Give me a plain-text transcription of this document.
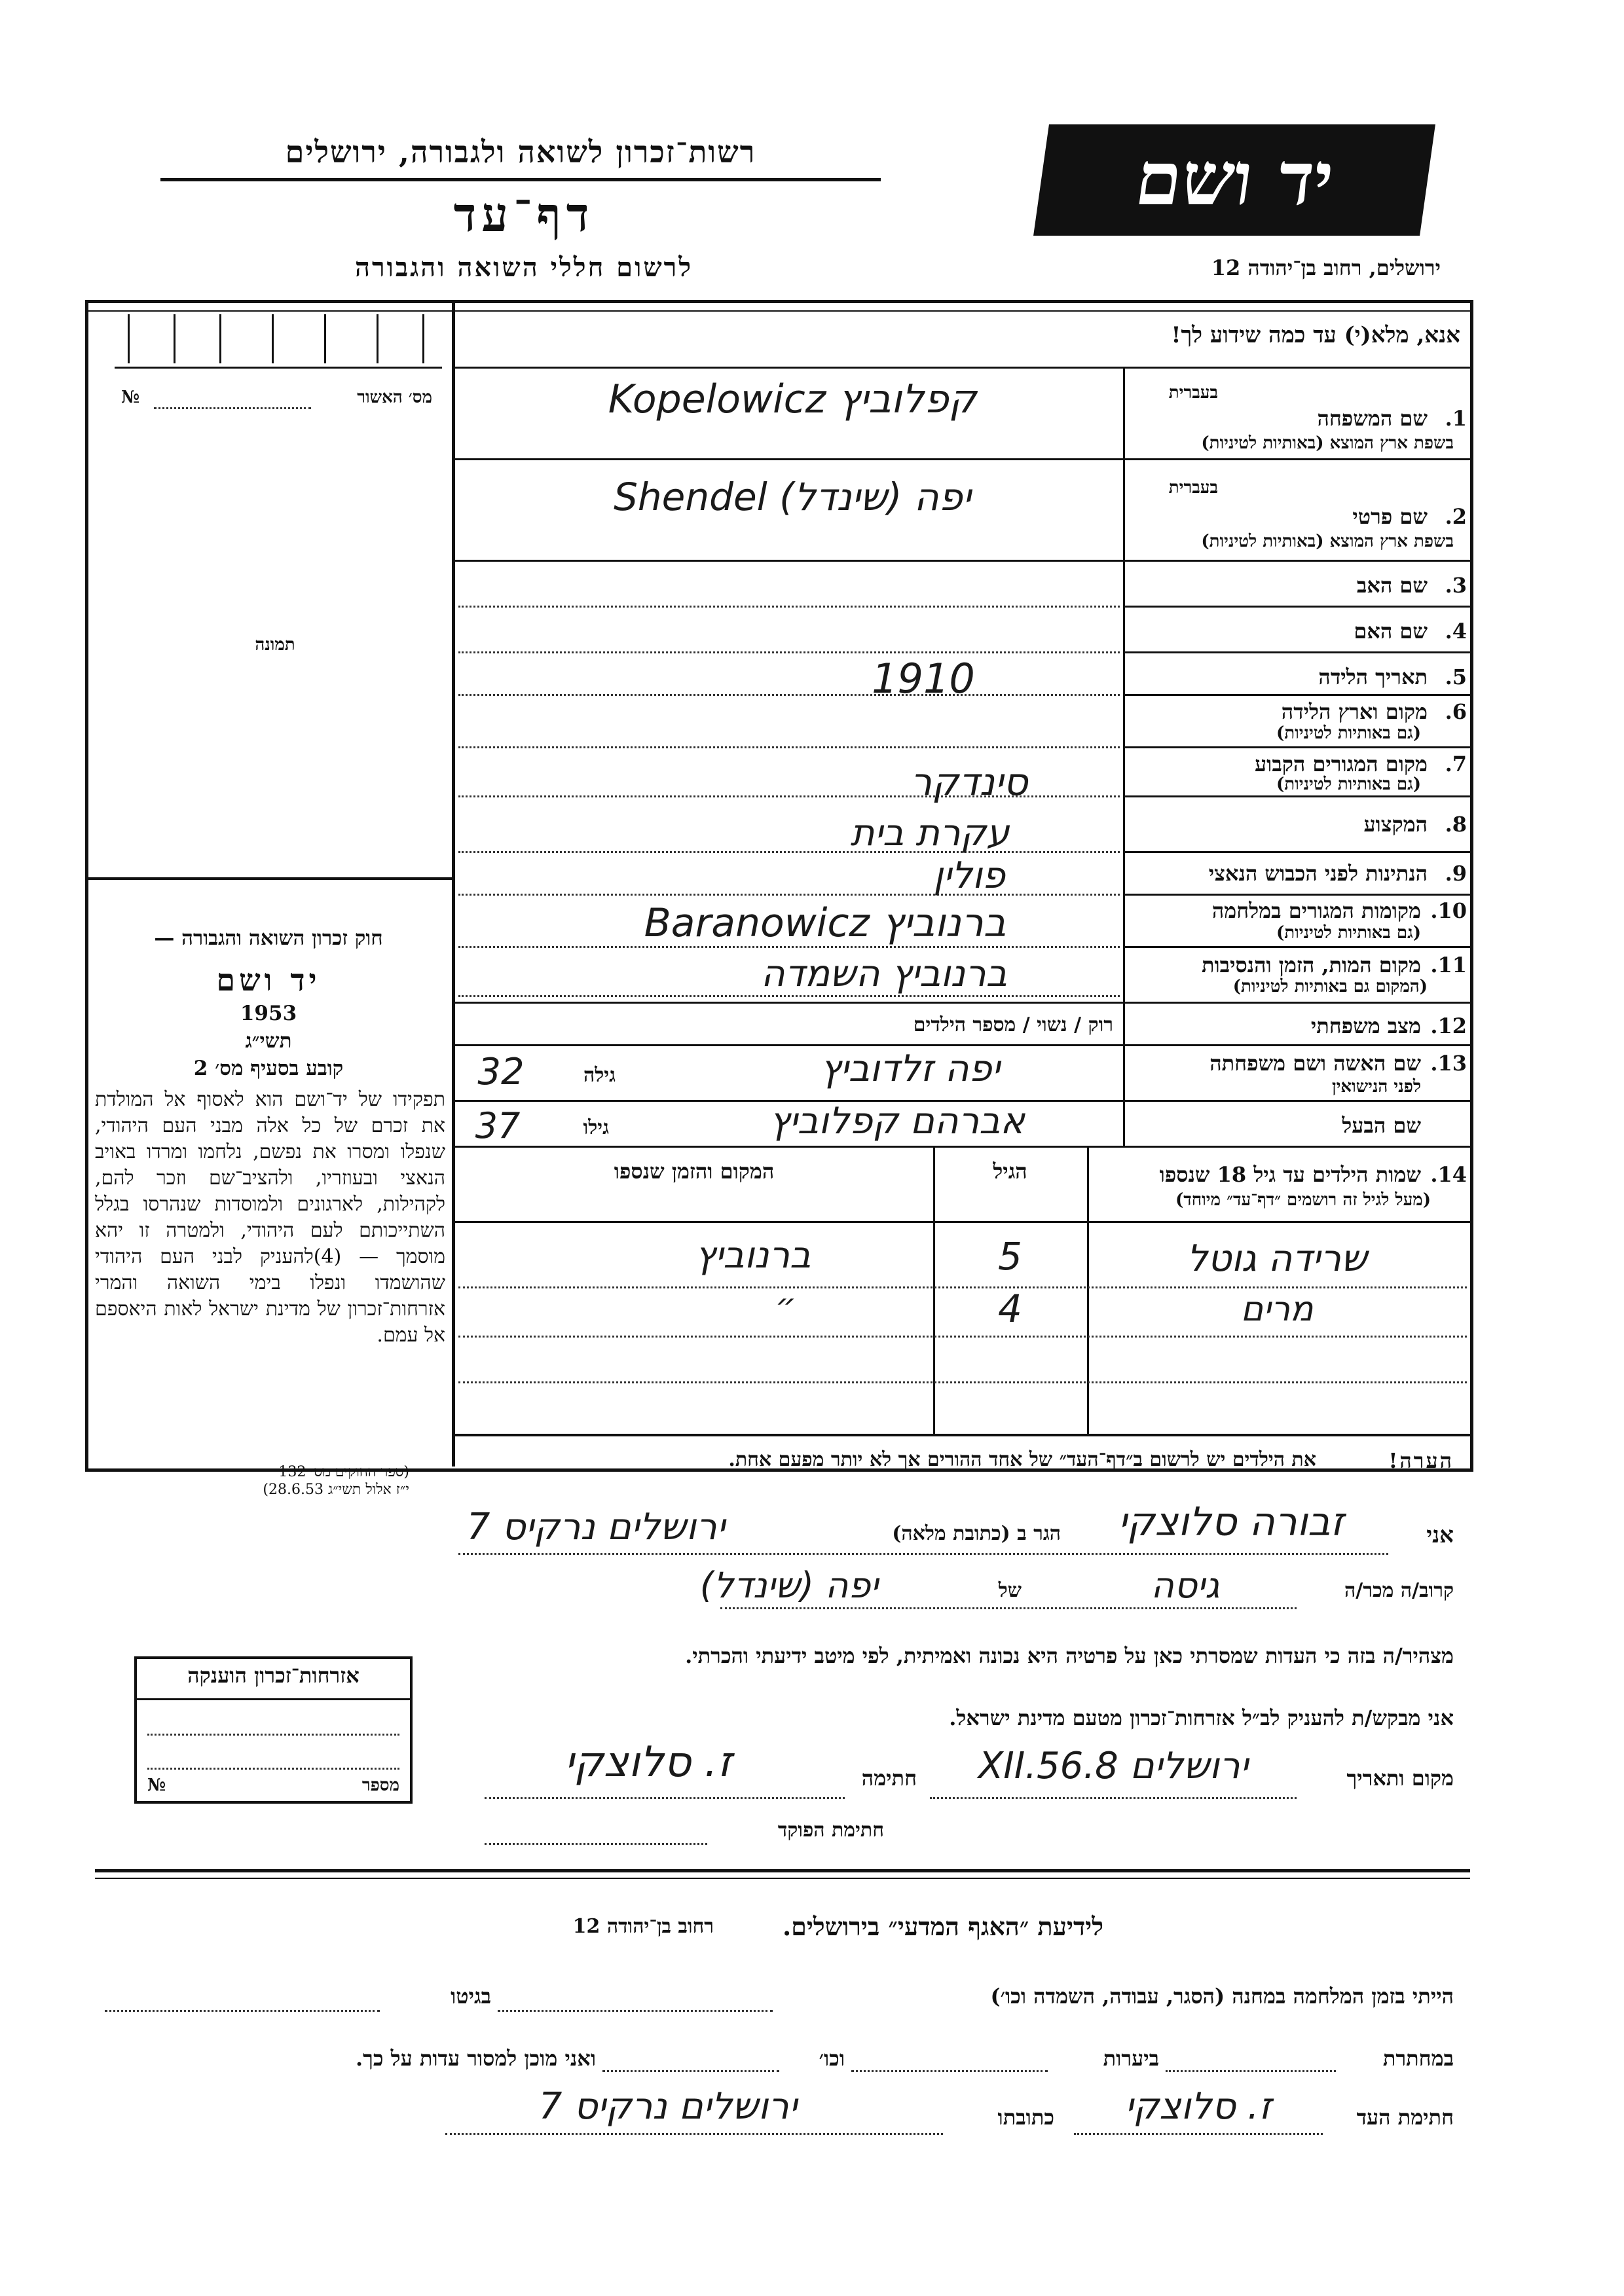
יד ושם
רשות־זכרון לשואה ולגבורה, ירושלים
דף־עד
לרשום חללי השואה והגבורה	ירושלים, רחוב בן־יהודה 12
אנא, מלא(י) עד כמה שידוע לך!
מס׳ האשור
№
תמונה
חוק זכרון השואה והגבורה —
יד ושם
1953
תשי״ג
קובע בסעיף מס׳ 2
תפקידו של יד־ושם הוא לאסוף אל המולדת את זכרם של כל אלה מבני העם היהודי, שנפלו ומסרו את נפשם, נלחמו ומרדו באויב הנאצי ובעוזריו, ולהציב־שם וזכר להם, לקהילות, לארגונים ולמוסדות שנהרסו בגלל השתייכותם לעם היהודי, ולמטרה זו יהא מוסמך — (4)להעניק לבני העם היהודי שהושמדו ונפלו בימי השואה והמרי אזרחות־זכרון של מדינת ישראל לאות היאספם אל עמם.
(ספר החוקים מס׳ 132
י״ז אלול תשי״ג 28.6.53)
1.
שם המשפחה
בשפת ארץ המוצא (באותיות לטיניות)
בעברית
קפלוביץ Kopelowicz
2.
שם פרטי
בשפת ארץ המוצא (באותיות לטיניות)
בעברית
יפה (שינדל) Shendel
3.
שם האב
4.
שם האם
5.
תאריך הלידה
1910
6.
מקום וארץ הלידה
(גם באותיות לטיניות)
7.
מקום המגורים הקבוע
(גם באותיות לטיניות)
סינדקר
8.
המקצוע
עקרת בית
9.
הנתינות לפני הכבוש הנאצי
פולין
10.
מקומות המגורים במלחמה
(גם באותיות לטיניות)
ברנוביץ Baranowicz
11.
מקום המות, הזמן והנסיבות
(המקום גם באותיות לטיניות)
ברנוביץ השמדה
12.
מצב משפחתי
רוק / נשוי / מספר הילדים
13.
שם האשה ושם משפחתה
לפני הנישואין
יפה זלדוביץ
גילה
32
שם הבעל
אברהם קפלוביץ
גילו
37
14.
שמות הילדים עד גיל 18 שנספו
(מעל לגיל זה רושמים ״דף־עד״ מיוחד)
הגיל
המקום והזמן שנספו
שרידה גוטל
5
ברנוביץ
מרים
4
״
הערה!
את הילדים יש לרשום ב״דף־העד״ של אחד ההורים אך לא יותר מפעם אחת.
אני
זבורה סלוצקי
הגר ב (כתובת מלאה)
ירושלים נרקיס 7
קרוב/ה מכר/ה
גיסה
של
יפה (שינדל)
מצהיר/ה בזה כי העדות שמסרתי כאן על פרטיה היא נכונה ואמיתית, לפי מיטב ידיעתי והכרתי.
אני מבקש/ת להעניק לב״ל אזרחות־זכרון מטעם מדינת ישראל.
מקום ותאריך
ירושלים 8.XII.56
חתימה
ז. סלוצקי
חתימת הפוקד
אזרחות־זכרון הוענקה
מספר
№
לידיעת ״האגף המדעי״ בירושלים.
רחוב בן־יהודה 12
הייתי בזמן המלחמה במחנה (הסגר, עבודה, השמדה וכו׳)
בגיטו
במחתרת
ביערות
וכו׳
ואני מוכן למסור עדות על כך.
חתימת העד
ז. סלוצקי
כתובתו
ירושלים נרקיס 7
